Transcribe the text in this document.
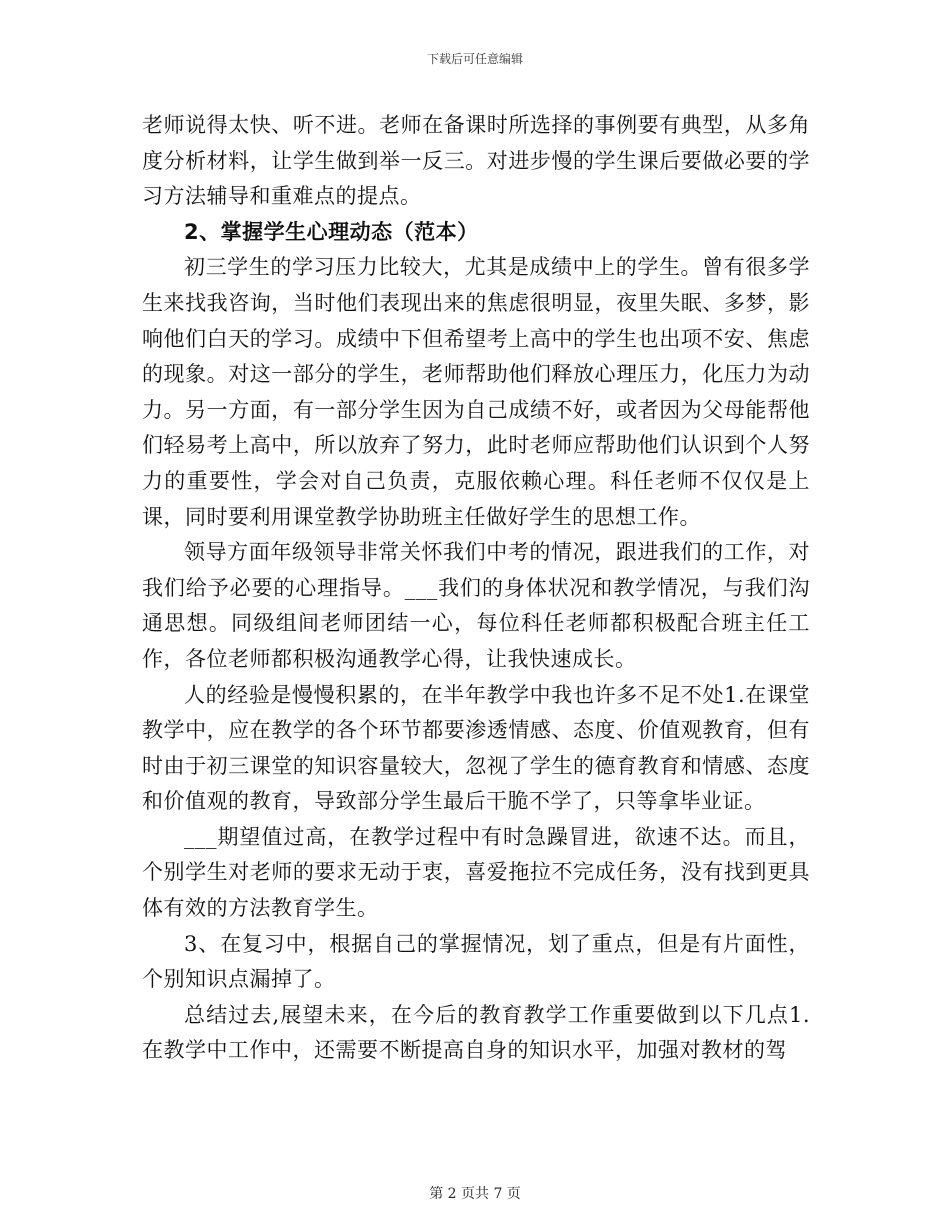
下载后可任意编辑

老师说得太快、听不进。老师在备课时所选择的事例要有典型，从多角度分析材料，让学生做到举一反三。对进步慢的学生课后要做必要的学习方法辅导和重难点的提点。

2、掌握学生心理动态（范本）

初三学生的学习压力比较大，尤其是成绩中上的学生。曾有很多学生来找我咨询，当时他们表现出来的焦虑很明显，夜里失眠、多梦，影响他们白天的学习。成绩中下但希望考上高中的学生也出项不安、焦虑的现象。对这一部分的学生，老师帮助他们释放心理压力，化压力为动力。另一方面，有一部分学生因为自己成绩不好，或者因为父母能帮他们轻易考上高中，所以放弃了努力，此时老师应帮助他们认识到个人努力的重要性，学会对自己负责，克服依赖心理。科任老师不仅仅是上课，同时要利用课堂教学协助班主任做好学生的思想工作。

领导方面年级领导非常关怀我们中考的情况，跟进我们的工作，对我们给予必要的心理指导。___我们的身体状况和教学情况，与我们沟通思想。同级组间老师团结一心，每位科任老师都积极配合班主任工作，各位老师都积极沟通教学心得，让我快速成长。

人的经验是慢慢积累的，在半年教学中我也许多不足不处1.在课堂教学中，应在教学的各个环节都要渗透情感、态度、价值观教育，但有时由于初三课堂的知识容量较大，忽视了学生的德育教育和情感、态度和价值观的教育，导致部分学生最后干脆不学了，只等拿毕业证。

___期望值过高，在教学过程中有时急躁冒进，欲速不达。而且，个别学生对老师的要求无动于衷，喜爱拖拉不完成任务，没有找到更具体有效的方法教育学生。

3、在复习中，根据自己的掌握情况，划了重点，但是有片面性，个别知识点漏掉了。

总结过去,展望未来，在今后的教育教学工作重要做到以下几点1.在教学中工作中，还需要不断提高自身的知识水平，加强对教材的驾

第 2 页共 7 页
